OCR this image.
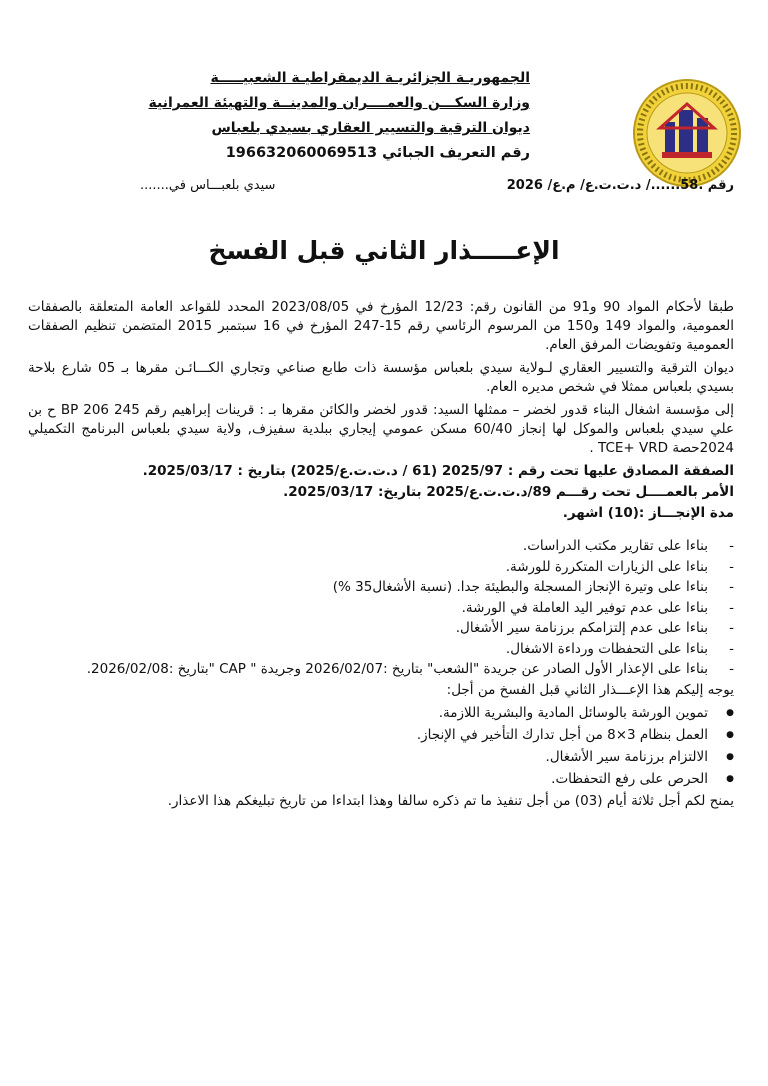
الجمهوريـة الجزائريـة الديمقراطيـة الشعبيـــــة
وزارة السكـــن والعمــــران والمدينــة والتهيئة العمرانية
ديوان الترقية والتسيير العقاري بسيدي بلعباس
رقم التعريف الجبائي 196632060069513
رقم .58....../ د.ت.ت.ع/ م.ع/ 2026
سيدي بلعبـــاس في.......
الإعـــــذار الثاني قبل الفسخ

طبقا لأحكام المواد 90 و91 من القانون رقم: 12/23 المؤرخ في 2023/08/05 المحدد للقواعد العامة المتعلقة بالصفقات العمومية، والمواد 149 و150 من المرسوم الرئاسي رقم 15-247 المؤرخ في 16 سبتمبر 2015 المتضمن تنظيم الصفقات العمومية وتفويضات المرفق العام.

ديوان الترقية والتسيير العقاري لـولاية سيدي بلعباس مؤسسة ذات طابع صناعي وتجاري الكـــائـن مقرها بـ 05 شارع بلاحة بسيدي بلعباس ممثلا في شخص مديره العام.

إلى مؤسسة اشغال البناء قدور لخضر – ممثلها السيد: قدور لخضر والكائن مقرها بـ : قرينات إبراهيم رقم BP 206 245 ح بن علي سيدي بلعباس والموكل لها إنجاز 60/40 مسكن عمومي إيجاري ببلدية سفيزف, ولاية سيدي بلعباس البرنامج التكميلي 2024حصة TCE+ VRD .

الصفقة المصادق عليها تحت رقم : 2025/97 (61 / د.ت.ت.ع/2025) بتاريخ : 2025/03/17.
الأمر بالعمــــل تحت رقـــم 89/د.ت.ت.ع/2025 بتاريخ: 2025/03/17.
مدة الإنجـــاز :(10) اشهر.
- بناءا على تقارير مكتب الدراسات.
- بناءا على الزيارات المتكررة للورشة.
- بناءا على وتيرة الإنجاز المسجلة والبطيئة جدا. (نسبة الأشغال35 %)
- بناءا على عدم توفير اليد العاملة في الورشة.
- بناءا على عدم إلتزامكم برزنامة سير الأشغال.
- بناءا على التحفظات ورداءة الاشغال.
- بناءا على الإعذار الأول الصادر عن جريدة "الشعب" بتاريخ :2026/02/07 وجريدة " CAP "بتاريخ :2026/02/08.

يوجه إليكم هذا الإعـــذار الثاني قبل الفسخ من أجل:

● تموين الورشة بالوسائل المادية والبشرية اللازمة.
● العمل بنظام 3×8 من أجل تدارك التأخير في الإنجاز.
● الالتزام برزنامة سير الأشغال.
● الحرص على رفع التحفظات.

يمنح لكم أجل ثلاثة أيام (03) من أجل تنفيذ ما تم ذكره سالفا وهذا ابتداءا من تاريخ تبليغكم هذا الاعذار.
